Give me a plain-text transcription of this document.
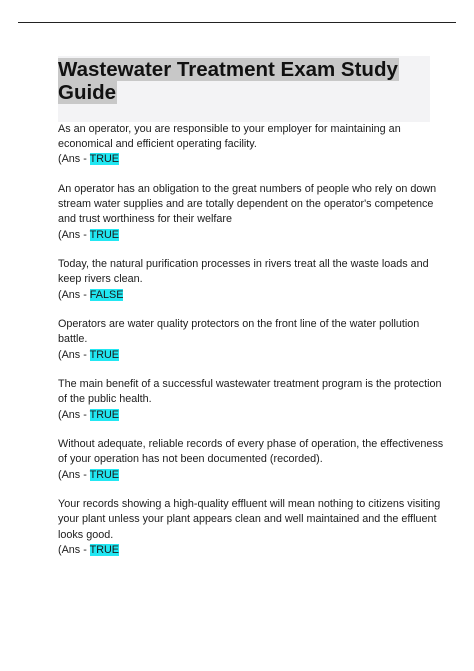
Wastewater Treatment Exam Study
Guide

As an operator, you are responsible to your employer for maintaining an economical and efficient operating facility.

(Ans - TRUE

An operator has an obligation to the great numbers of people who rely on down stream water supplies and are totally dependent on the operator's competence and trust worthiness for their welfare

(Ans - TRUE

Today, the natural purification processes in rivers treat all the waste loads and keep rivers clean.

(Ans - FALSE

Operators are water quality protectors on the front line of the water pollution battle.

(Ans - TRUE

The main benefit of a successful wastewater treatment program is the protection of the public health.

(Ans - TRUE

Without adequate, reliable records of every phase of operation, the effectiveness of your operation has not been documented (recorded).

(Ans - TRUE

Your records showing a high-quality effluent will mean nothing to citizens visiting your plant unless your plant appears clean and well maintained and the effluent looks good.

(Ans - TRUE
